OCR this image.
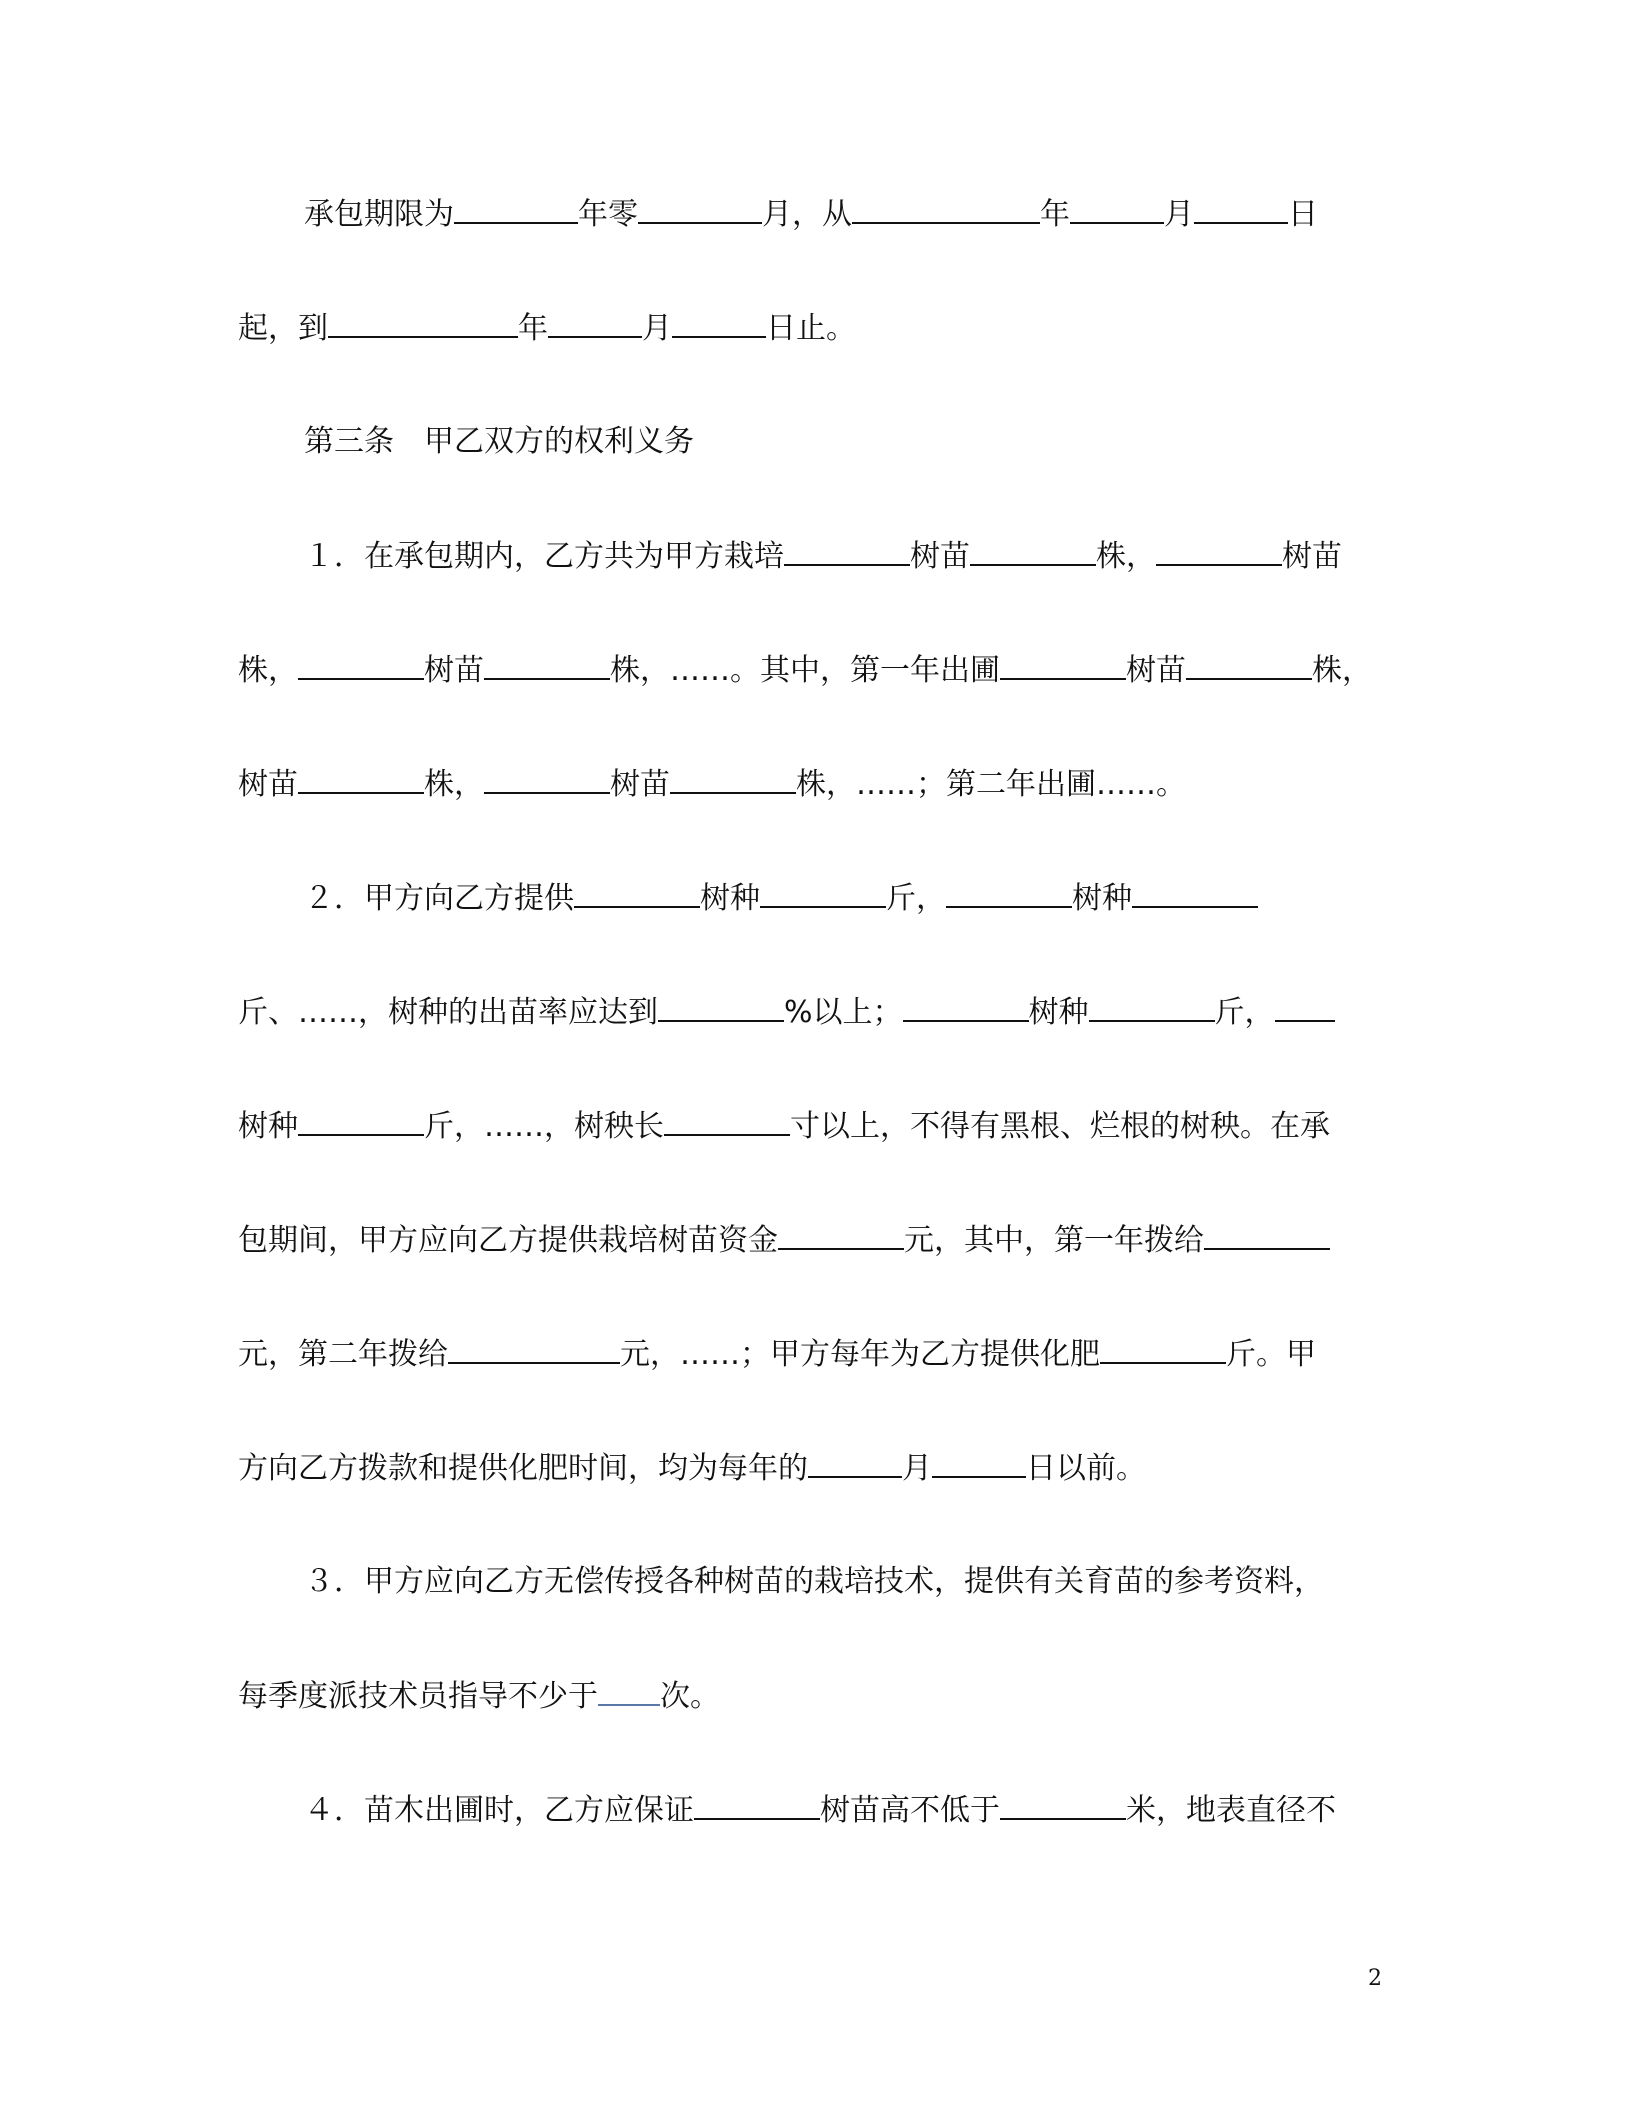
承包期限为	年零	月，从	年	月	日
起，到	年	月	日止。
第三条　甲乙双方的权利义务
１．在承包期内，乙方共为甲方栽培	树苗	株，	树苗
株，	树苗	株，……。其中，第一年出圃	树苗	株，
树苗	株，	树苗	株，……；第二年出圃……。
２．甲方向乙方提供	树种	斤，	树种
斤、……，树种的出苗率应达到	%以上；	树种	斤，
树种	斤，……，树秧长	寸以上，不得有黑根、烂根的树秧。在承
包期间，甲方应向乙方提供栽培树苗资金	元，其中，第一年拨给
元，第二年拨给	元，……；甲方每年为乙方提供化肥	斤。甲
方向乙方拨款和提供化肥时间，均为每年的	月	日以前。
３．甲方应向乙方无偿传授各种树苗的栽培技术，提供有关育苗的参考资料，
每季度派技术员指导不少于 次。
４．苗木出圃时，乙方应保证	树苗高不低于	米，地表直径不
2
